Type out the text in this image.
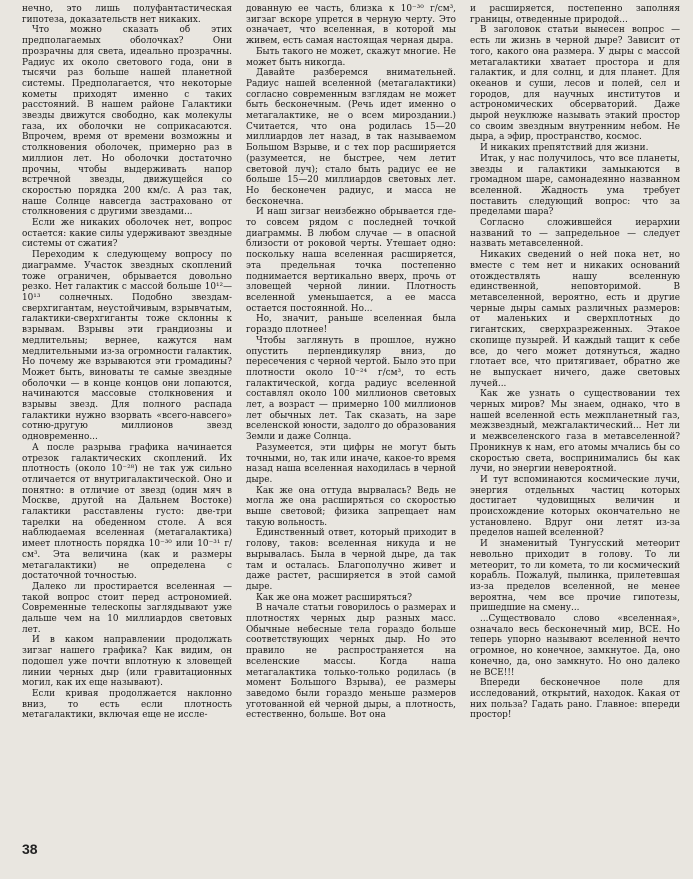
нечно, это лишь полуфантастическая гипотеза, доказательств нет никаких.

Что можно сказать об этих предполагаемых оболочках? Они прозрачны для света, идеально прозрачны. Радиус их около светового года, они в тысячи раз больше нашей планетной системы. Предполагается, что некоторые кометы приходят именно с таких расстояний. В нашем районе Галактики звезды движутся свободно, как молекулы газа, их оболочки не соприкасаются. Впрочем, время от времени возможны и столкновения оболочек, примерно раз в миллион лет. Но оболочки достаточно прочны, чтобы выдерживать напор встречной звезды, движущейся со скоростью порядка 200 км/с. А раз так, наше Солнце навсегда застраховано от столкновения с другими звездами...

Если же никаких оболочек нет, вопрос остается: какие силы удерживают звездные системы от сжатия?

Переходим к следующему вопросу по диаграмме. Участок звездных скоплений тоже ограничен, обрывается довольно резко. Нет галактик с массой больше 10¹²—10¹³ солнечных. Подобно звездам-сверхгигантам, неустойчивым, взрывчатым, галактики-сверхгиганты тоже склонны к взрывам. Взрывы эти грандиозны и медлительны; вернее, кажутся нам медлительными из-за огромности галактик. Но почему же взрываются эти громадины? Может быть, виноваты те самые звездные оболочки — в конце концов они лопаются, начинаются массовые столкновения и взрывы звезд. Для полного распада галактики нужно взорвать «всего-навсего» сотню-другую миллионов звезд одновременно...

А после разрыва графика начинается отрезок галактических скоплений. Их плотность (около 10⁻²⁸) не так уж сильно отличается от внутригалактической. Оно и понятно: в отличие от звезд (один мяч в Москве, другой на Дальнем Востоке) галактики расставлены густо: две-три тарелки на обеденном столе. А вся наблюдаемая вселенная (метагалактика) имеет плотность порядка 10⁻³⁰ или 10⁻³¹ г/см³. Эта величина (как и размеры метагалактики) не определена с достаточной точностью.

Далеко ли простирается вселенная — такой вопрос стоит перед астрономией. Современные телескопы заглядывают уже дальше чем на 10 миллиардов световых лет.

И в каком направлении продолжать зигзаг нашего графика? Как видим, он подошел уже почти вплотную к зловещей линии черных дыр (или гравитационных могил, как их еще называют).

Если кривая продолжается наклонно вниз, то есть если плотность метагалактики, включая еще не иссле-

дованную ее часть, близка к 10⁻³⁰ г/см³, зигзаг вскоре упрется в черную черту. Это означает, что вселенная, в которой мы живем, есть самая настоящая черная дыра.

Быть такого не может, скажут многие. Не может быть никогда.

Давайте разберемся внимательней. Радиус нашей вселенной (метагалактики) согласно современным взглядам не может быть бесконечным. (Речь идет именно о метагалактике, не о всем мироздании.) Считается, что она родилась 15—20 миллиардов лет назад, в так называемом Большом Взрыве, и с тех пор расширяется (разумеется, не быстрее, чем летит световой луч); стало быть радиус ее не больше 15—20 миллиардов световых лет. Но бесконечен радиус, и масса не бесконечна.

И наш зигзаг неизбежно обрывается где-то совсем рядом с последней точкой диаграммы. В любом случае — в опасной близости от роковой черты. Утешает одно: поскольку наша вселенная расширяется, эта предельная точка постепенно поднимается вертикально вверх, прочь от зловещей черной линии. Плотность вселенной уменьшается, а ее масса остается постоянной. Но...

Но, значит, раньше вселенная была гораздо плотнее!

Чтобы заглянуть в прошлое, нужно опустить перпендикуляр вниз, до пересечения с черной чертой. Было это при плотности около 10⁻²⁴ г/см³, то есть галактической, когда радиус вселенной составлял около 100 миллионов световых лет, а возраст — примерно 100 миллионов лет обычных лет. Так сказать, на заре вселенской юности, задолго до образования Земли и даже Солнца.

Разумеется, эти цифры не могут быть точными, но, так или иначе, какое-то время назад наша вселенная находилась в черной дыре.

Как же она оттуда вырвалась? Ведь не могла же она расширяться со скоростью выше световой; физика запрещает нам такую вольность.

Единственный ответ, который приходит в голову, таков: вселенная никуда и не вырывалась. Была в черной дыре, да так там и осталась. Благополучно живет и даже растет, расширяется в этой самой дыре.

Как же она может расширяться?

В начале статьи говорилось о размерах и плотностях черных дыр разных масс. Обычные небесные тела гораздо больше соответствующих черных дыр. Но это правило не распространяется на вселенские массы. Когда наша метагалактика только-только родилась (в момент Большого Взрыва), ее размеры заведомо были гораздо меньше размеров уготованной ей черной дыры, а плотность, естественно, больше. Вот она

и расширяется, постепенно заполняя границы, отведенные природой...

В заголовок статьи вынесен вопрос — есть ли жизнь в черной дыре? Зависит от того, какого она размера. У дыры с массой метагалактики хватает простора и для галактик, и для солнц, и для планет. Для океанов и суши, лесов и полей, сел и городов, для научных институтов и астрономических обсерваторий. Даже дырой неуклюже называть этакий простор со своим звездным внутренним небом. Не дыра, а эфир, пространство, космос.

И никаких препятствий для жизни.

Итак, у нас получилось, что все планеты, звезды и галактики замыкаются в громадном шаре, самонадеянно названном вселенной. Жадность ума требует поставить следующий вопрос: что за пределами шара?

Согласно сложившейся иерархии названий то — запредельное — следует назвать метавселенной.

Никаких сведений о ней пока нет, но вместе с тем нет и никаких оснований отождествлять нашу вселенную единственной, неповторимой. В метавселенной, вероятно, есть и другие черные дыры самых различных размеров: от маленьких и сверхплотных до гигантских, сверхразреженных. Этакое скопище пузырей. И каждый тащит к себе все, до чего может дотянуться, жадно глотает все, что притягивает, обратно же не выпускает ничего, даже световых лучей...

Как же узнать о существовании тех черных миров? Мы знаем, однако, что в нашей вселенной есть межпланетный газ, межзвездный, межгалактический... Нет ли и межвселенского газа в метавселенной? Проникнув к нам, его атомы мчались бы со скоростью света, воспринимались бы как лучи, но энергии невероятной.

И тут вспоминаются космические лучи, энергия отдельных частиц которых достигает чудовищных величин и происхождение которых окончательно не установлено. Вдруг они летят из-за пределов нашей вселенной?

И знаменитый Тунгусский метеорит невольно приходит в голову. То ли метеорит, то ли комета, то ли космический корабль. Пожалуй, пылинка, прилетевшая из-за пределов вселенной, не менее вероятна, чем все прочие гипотезы, пришедшие на смену...

...Существовало слово «вселенная», означало весь бесконечный мир, ВСЕ. Но теперь упорно называют вселенной нечто огромное, но конечное, замкнутое. Да, оно конечно, да, оно замкнуто. Но оно далеко не ВСЕ!!!

Впереди бесконечное поле для исследований, открытий, находок. Какая от них польза? Гадать рано. Главное: впереди простор!

38
